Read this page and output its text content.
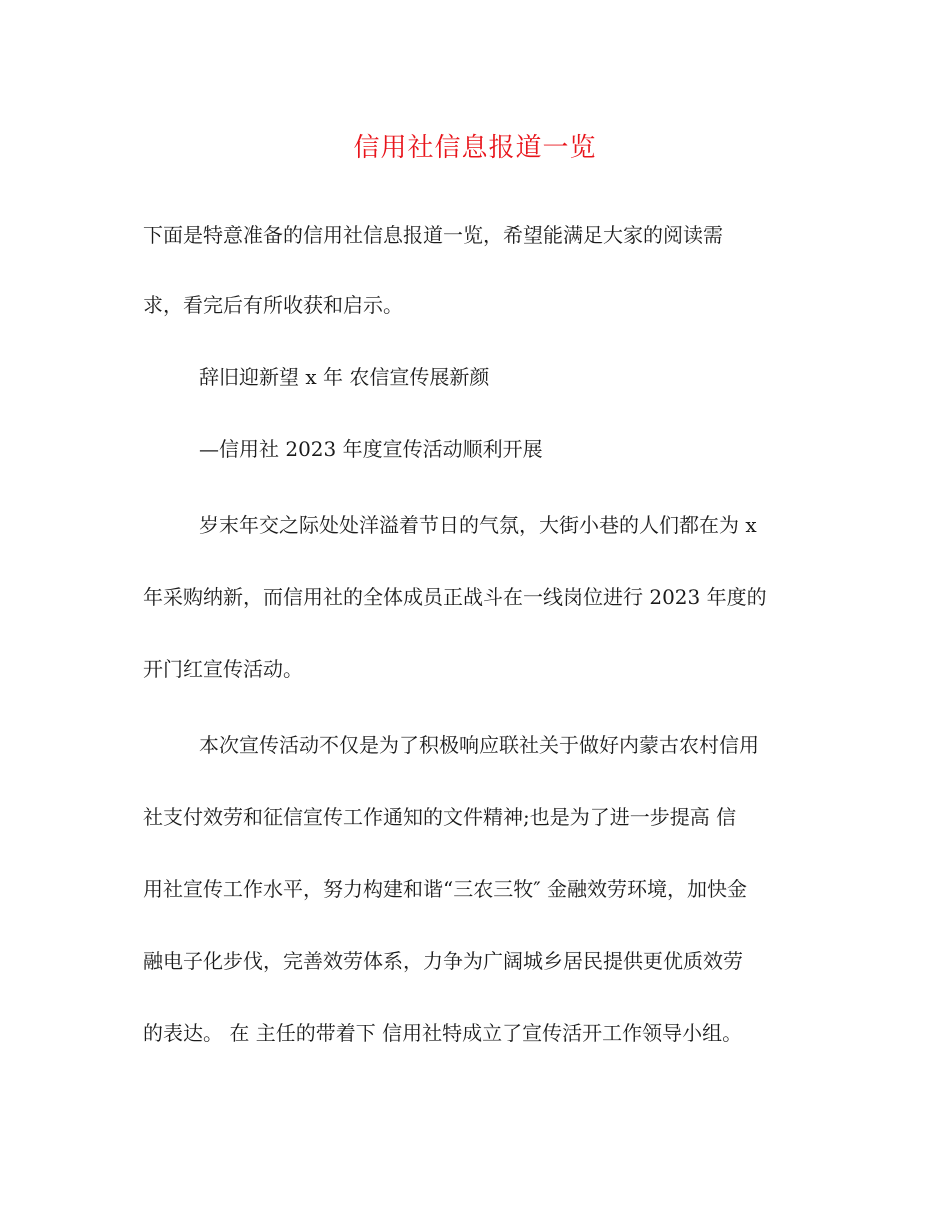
信用社信息报道一览
下面是特意准备的信用社信息报道一览，希望能满足大家的阅读需
求，看完后有所收获和启示。
辞旧迎新望 x 年 农信宣传展新颜
—信用社 2023 年度宣传活动顺利开展
岁末年交之际处处洋溢着节日的气氛，大街小巷的人们都在为 x
年采购纳新，而信用社的全体成员正战斗在一线岗位进行 2023 年度的
开门红宣传活动。
本次宣传活动不仅是为了积极响应联社关于做好内蒙古农村信用
社支付效劳和征信宣传工作通知的文件精神;也是为了进一步提高 信
用社宣传工作水平，努力构建和谐“三农三牧″ 金融效劳环境，加快金
融电子化步伐，完善效劳体系，力争为广阔城乡居民提供更优质效劳
的表达。 在 主任的带着下 信用社特成立了宣传活开工作领导小组。
